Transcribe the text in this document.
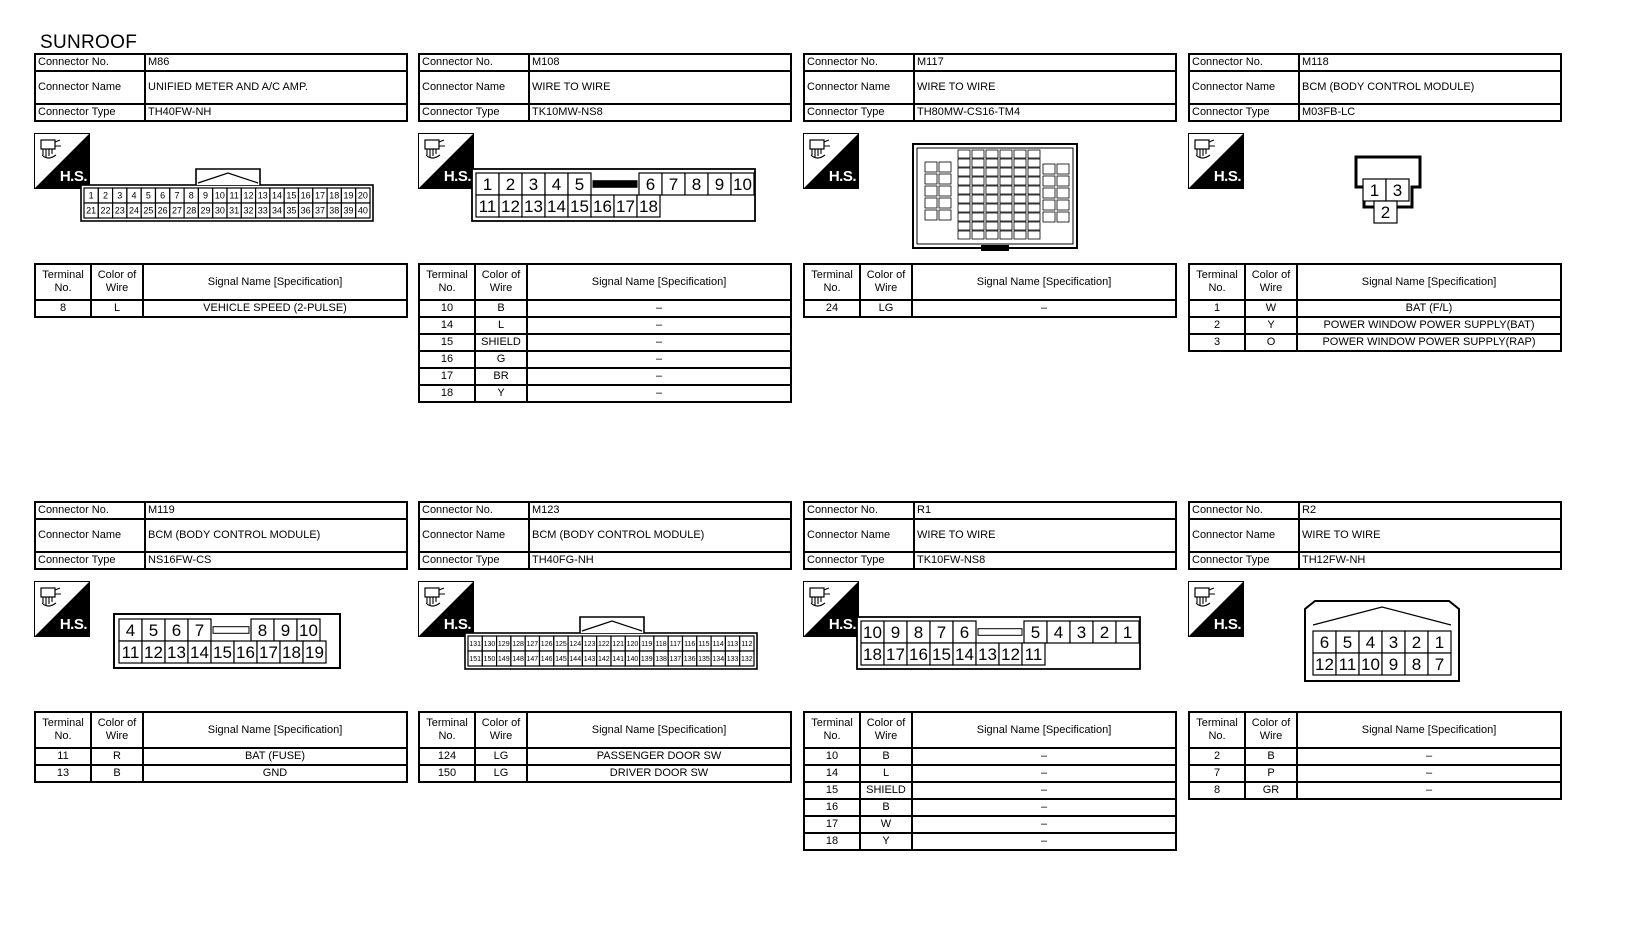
SUNROOF
Connector No.	M86
Connector Name	UNIFIED METER AND A/C AMP.
Connector Type	TH40FW-NH
H.S.
1 2 3 4 5 6 7 8 9 10 11 12 13 14 15 16 17 18 19 20
21 22 23 24 25 26 27 28 29 30 31 32 33 34 35 36 37 38 39 40
Terminal No.	Color of Wire	Signal Name [Specification]
8	L	VEHICLE SPEED (2-PULSE)
Connector No.	M108
Connector Name	WIRE TO WIRE
Connector Type	TK10MW-NS8
H.S. 1 2 3 4 5	6 7 8 9 10
11 12 13 14 15 16 17 18
Terminal No.	Color of Wire	Signal Name [Specification]
10	B	–
14	L	–
15	SHIELD	–
16	G	–
17	BR	–
18	Y	–
Connector No.	M117
Connector Name	WIRE TO WIRE
Connector Type	TH80MW-CS16-TM4
H.S.
Terminal No.	Color of Wire	Signal Name [Specification]
24	LG	–
Connector No.	M118
Connector Name	BCM (BODY CONTROL MODULE)
Connector Type	M03FB-LC
H.S.
1 3
2
Terminal No.	Color of Wire	Signal Name [Specification]
1	W	BAT (F/L)
2	Y	POWER WINDOW POWER SUPPLY(BAT)
3	O	POWER WINDOW POWER SUPPLY(RAP)
Connector No.	M119
Connector Name	BCM (BODY CONTROL MODULE)
Connector Type	NS16FW-CS
H.S. 4 5 6 7	8 9 10
11 12 13 14 15 16 17 18 19
Terminal No.	Color of Wire	Signal Name [Specification]
11	R	BAT (FUSE)
13	B	GND
Connector No.	M123
Connector Name	BCM (BODY CONTROL MODULE)
Connector Type	TH40FG-NH
H.S.
131 130 129 128 127 126 125 124 123 122 121 120 119 118 117 116 115 114 113 112
151 150 149 148 147 146 145 144 143 142 141 140 139 138 137 136 135 134 133 132
Terminal No.	Color of Wire	Signal Name [Specification]
124	LG	PASSENGER DOOR SW
150	LG	DRIVER DOOR SW
Connector No.	R1
Connector Name	WIRE TO WIRE
Connector Type	TK10FW-NS8
H.S. 10 9 8 7 6	5 4 3 2 1
18 17 16 15 14 13 12 11
Terminal No.	Color of Wire	Signal Name [Specification]
10	B	–
14	L	–
15	SHIELD	–
16	B	–
17	W	–
18	Y	–
Connector No.	R2
Connector Name	WIRE TO WIRE
Connector Type	TH12FW-NH
H.S.
6 5 4 3 2 1
12 11 10 9 8 7
Terminal No.	Color of Wire	Signal Name [Specification]
2	B	–
7	P	–
8	GR	–
